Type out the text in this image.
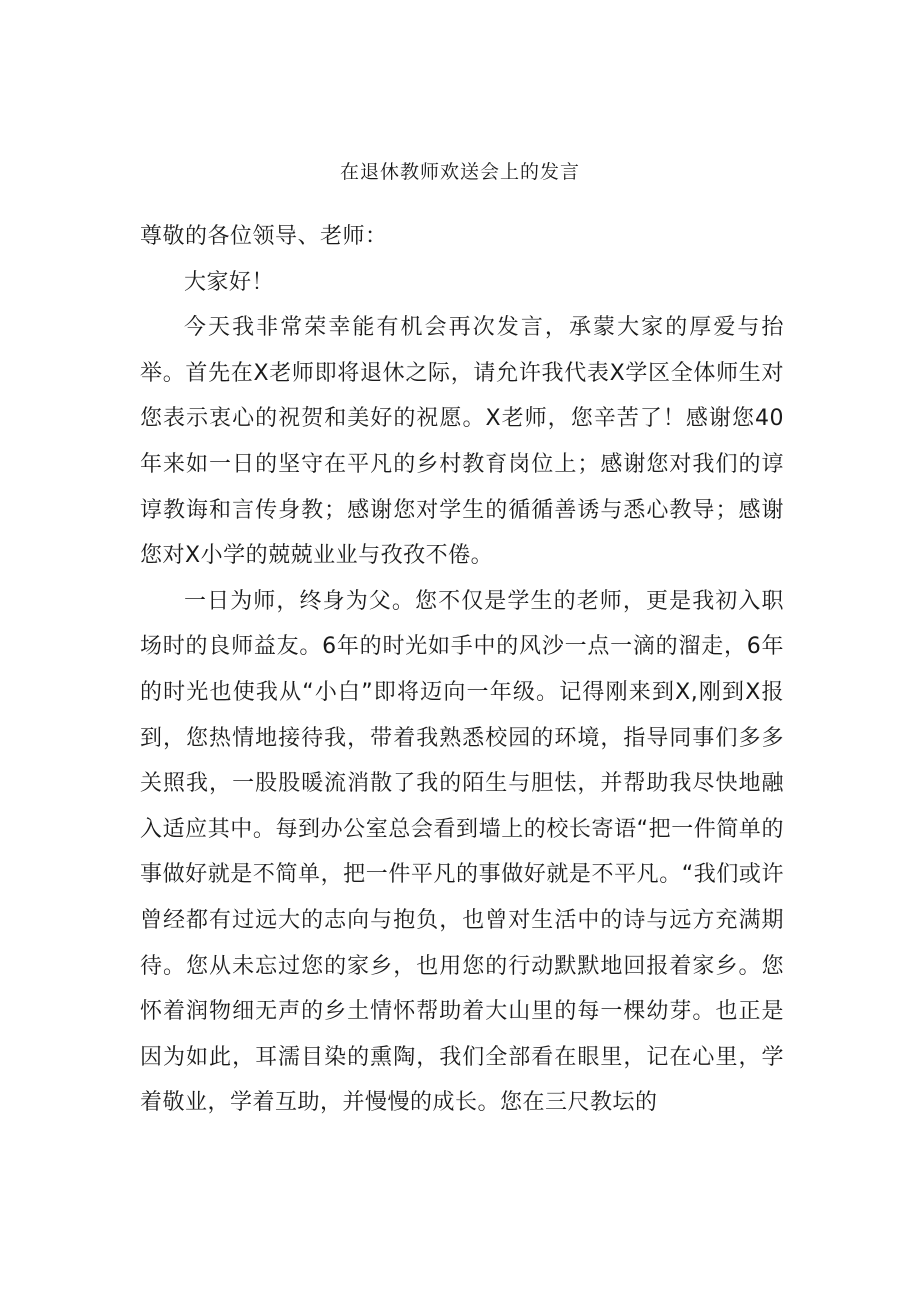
在退休教师欢送会上的发言

尊敬的各位领导、老师：

大家好！

今天我非常荣幸能有机会再次发言，承蒙大家的厚爱与抬举。首先在X老师即将退休之际，请允许我代表X学区全体师生对您表示衷心的祝贺和美好的祝愿。X老师，您辛苦了！感谢您40年来如一日的坚守在平凡的乡村教育岗位上；感谢您对我们的谆谆教诲和言传身教；感谢您对学生的循循善诱与悉心教导；感谢您对X小学的兢兢业业与孜孜不倦。

一日为师，终身为父。您不仅是学生的老师，更是我初入职场时的良师益友。6年的时光如手中的风沙一点一滴的溜走，6年的时光也使我从“小白”即将迈向一年级。记得刚来到X,刚到X报到，您热情地接待我，带着我熟悉校园的环境，指导同事们多多关照我，一股股暖流消散了我的陌生与胆怯，并帮助我尽快地融入适应其中。每到办公室总会看到墙上的校长寄语“把一件简单的事做好就是不简单，把一件平凡的事做好就是不平凡。“我们或许曾经都有过远大的志向与抱负，也曾对生活中的诗与远方充满期待。您从未忘过您的家乡，也用您的行动默默地回报着家乡。您怀着润物细无声的乡土情怀帮助着大山里的每一棵幼芽。也正是因为如此，耳濡目染的熏陶，我们全部看在眼里，记在心里，学着敬业，学着互助，并慢慢的成长。您在三尺教坛的
